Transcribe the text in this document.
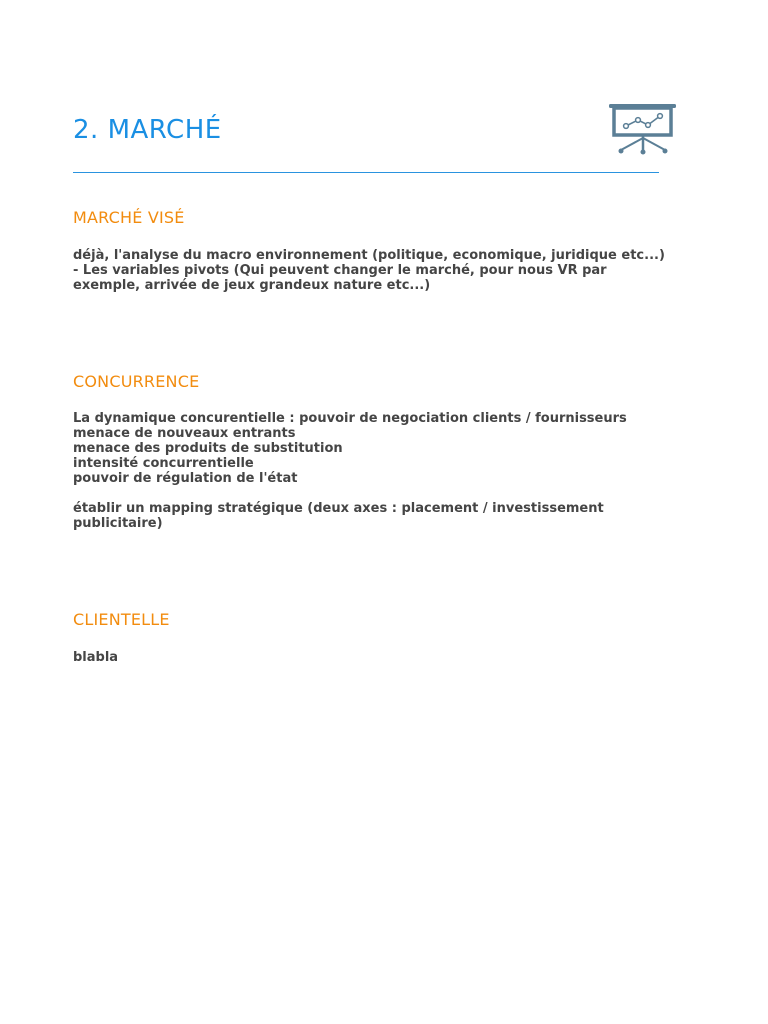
2. MARCHÉ
MARCHÉ VISÉ
déjà, l'analyse du macro environnement (politique, economique, juridique etc...)
- Les variables pivots (Qui peuvent changer le marché, pour nous VR par
exemple, arrivée de jeux grandeux nature etc...)
CONCURRENCE
La dynamique concurentielle : pouvoir de negociation clients / fournisseurs
menace de nouveaux entrants
menace des produits de substitution
intensité concurrentielle
pouvoir de régulation de l'état
établir un mapping stratégique (deux axes : placement / investissement
publicitaire)
CLIENTELLE
blabla
